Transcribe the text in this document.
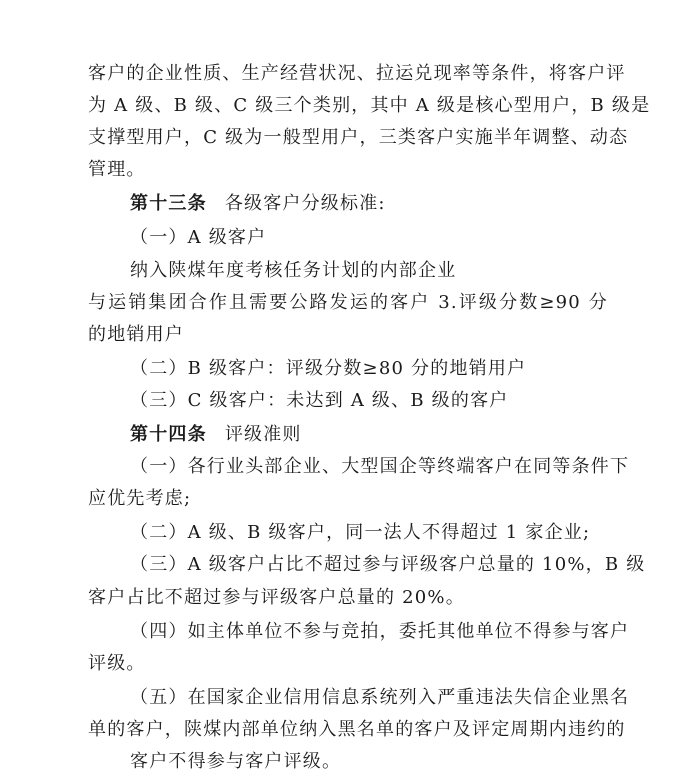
客户的企业性质、生产经营状况、拉运兑现率等条件，将客户评
为 A 级、B 级、C 级三个类别，其中 A 级是核心型用户，B 级是
支撑型用户，C 级为一般型用户，三类客户实施半年调整、动态
管理。
第十三条 各级客户分级标准:
（一）A 级客户
纳入陕煤年度考核任务计划的内部企业
与运销集团合作且需要公路发运的客户 3.评级分数≥90 分
的地销用户
（二）B 级客户：评级分数≥80 分的地销用户
（三）C 级客户：未达到 A 级、B 级的客户
第十四条 评级准则
（一）各行业头部企业、大型国企等终端客户在同等条件下
应优先考虑;
（二）A 级、B 级客户，同一法人不得超过 1 家企业;
（三）A 级客户占比不超过参与评级客户总量的 10%，B 级
客户占比不超过参与评级客户总量的 20%。
（四）如主体单位不参与竞拍，委托其他单位不得参与客户
评级。
（五）在国家企业信用信息系统列入严重违法失信企业黑名
单的客户，陕煤内部单位纳入黑名单的客户及评定周期内违约的
客户不得参与客户评级。
